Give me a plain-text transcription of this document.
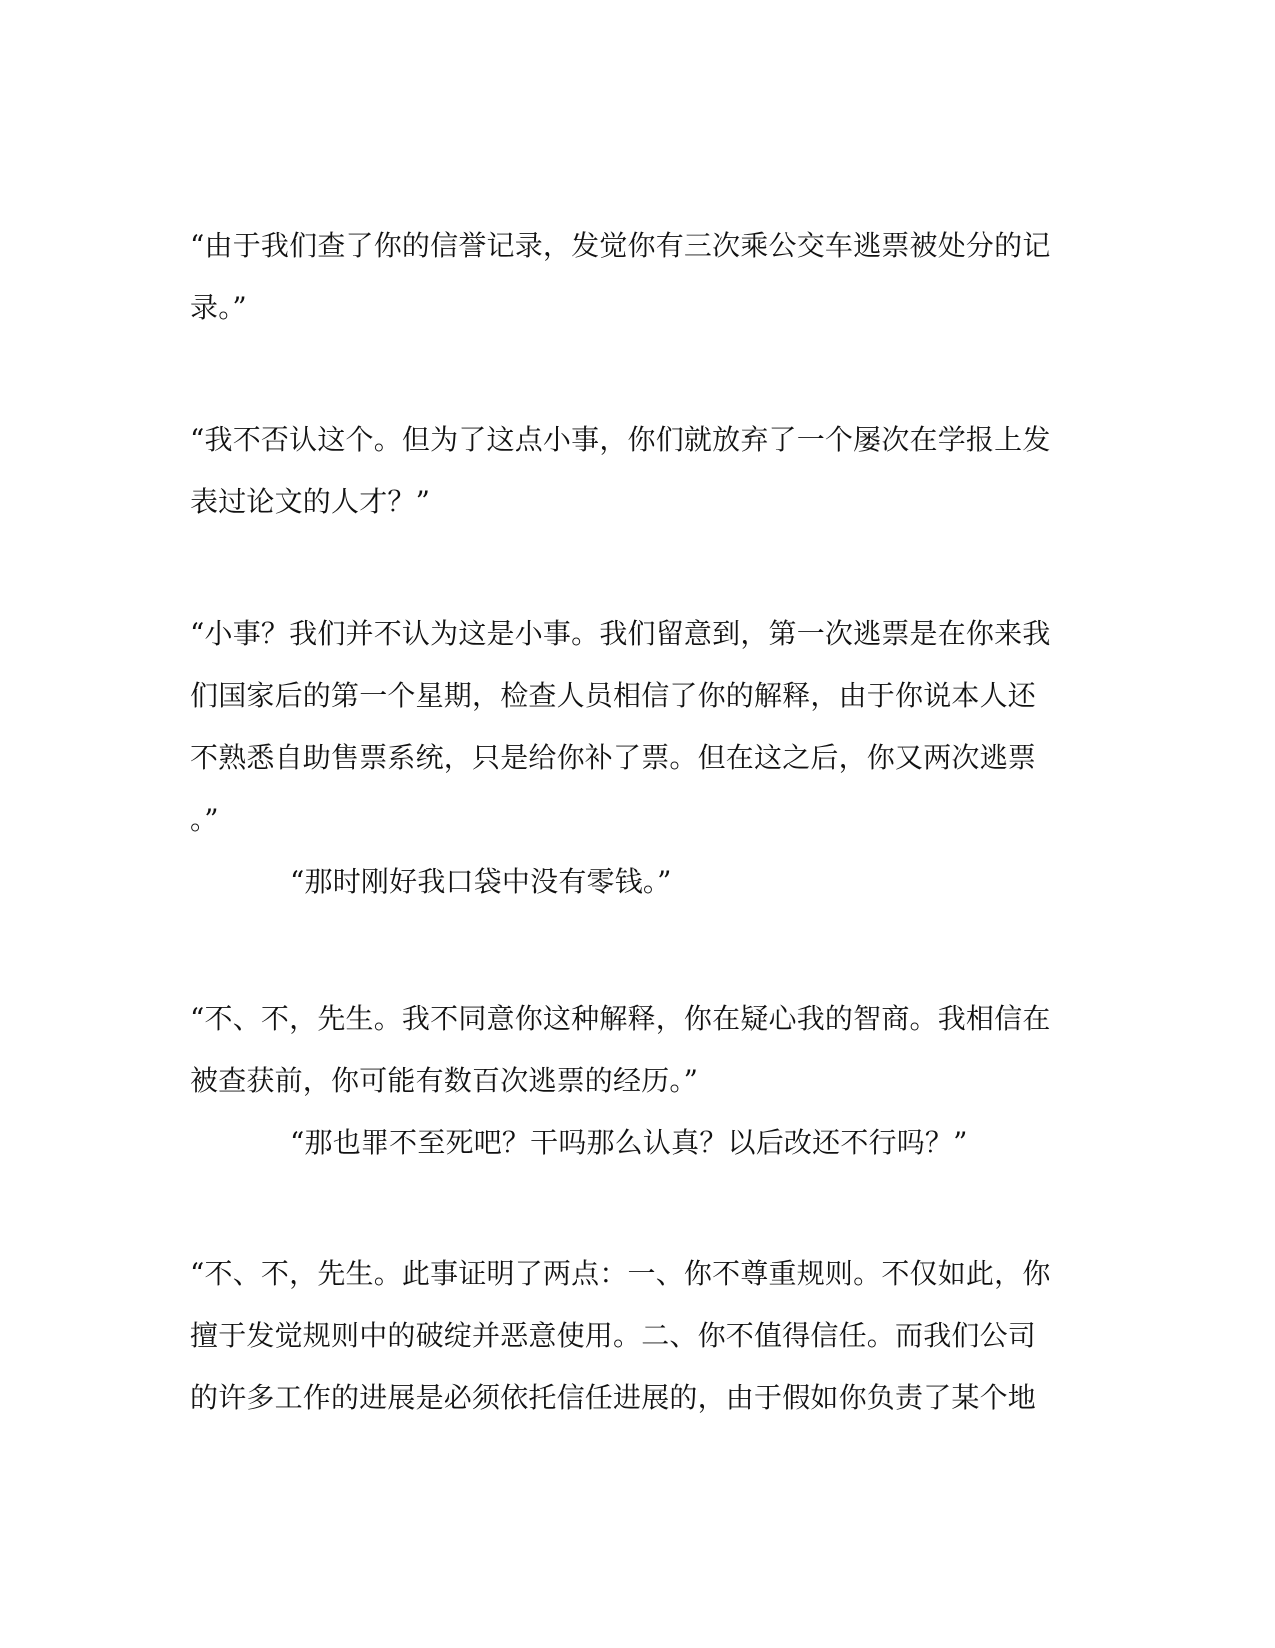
“由于我们查了你的信誉记录，发觉你有三次乘公交车逃票被处分的记
录。”
“我不否认这个。但为了这点小事，你们就放弃了一个屡次在学报上发
表过论文的人才？”
“小事？我们并不认为这是小事。我们留意到，第一次逃票是在你来我
们国家后的第一个星期，检查人员相信了你的解释，由于你说本人还
不熟悉自助售票系统，只是给你补了票。但在这之后，你又两次逃票
。”
“那时刚好我口袋中没有零钱。”
“不、不，先生。我不同意你这种解释，你在疑心我的智商。我相信在
被查获前，你可能有数百次逃票的经历。”
“那也罪不至死吧？干吗那么认真？以后改还不行吗？”
“不、不，先生。此事证明了两点：一、你不尊重规则。不仅如此，你
擅于发觉规则中的破绽并恶意使用。二、你不值得信任。而我们公司
的许多工作的进展是必须依托信任进展的，由于假如你负责了某个地
